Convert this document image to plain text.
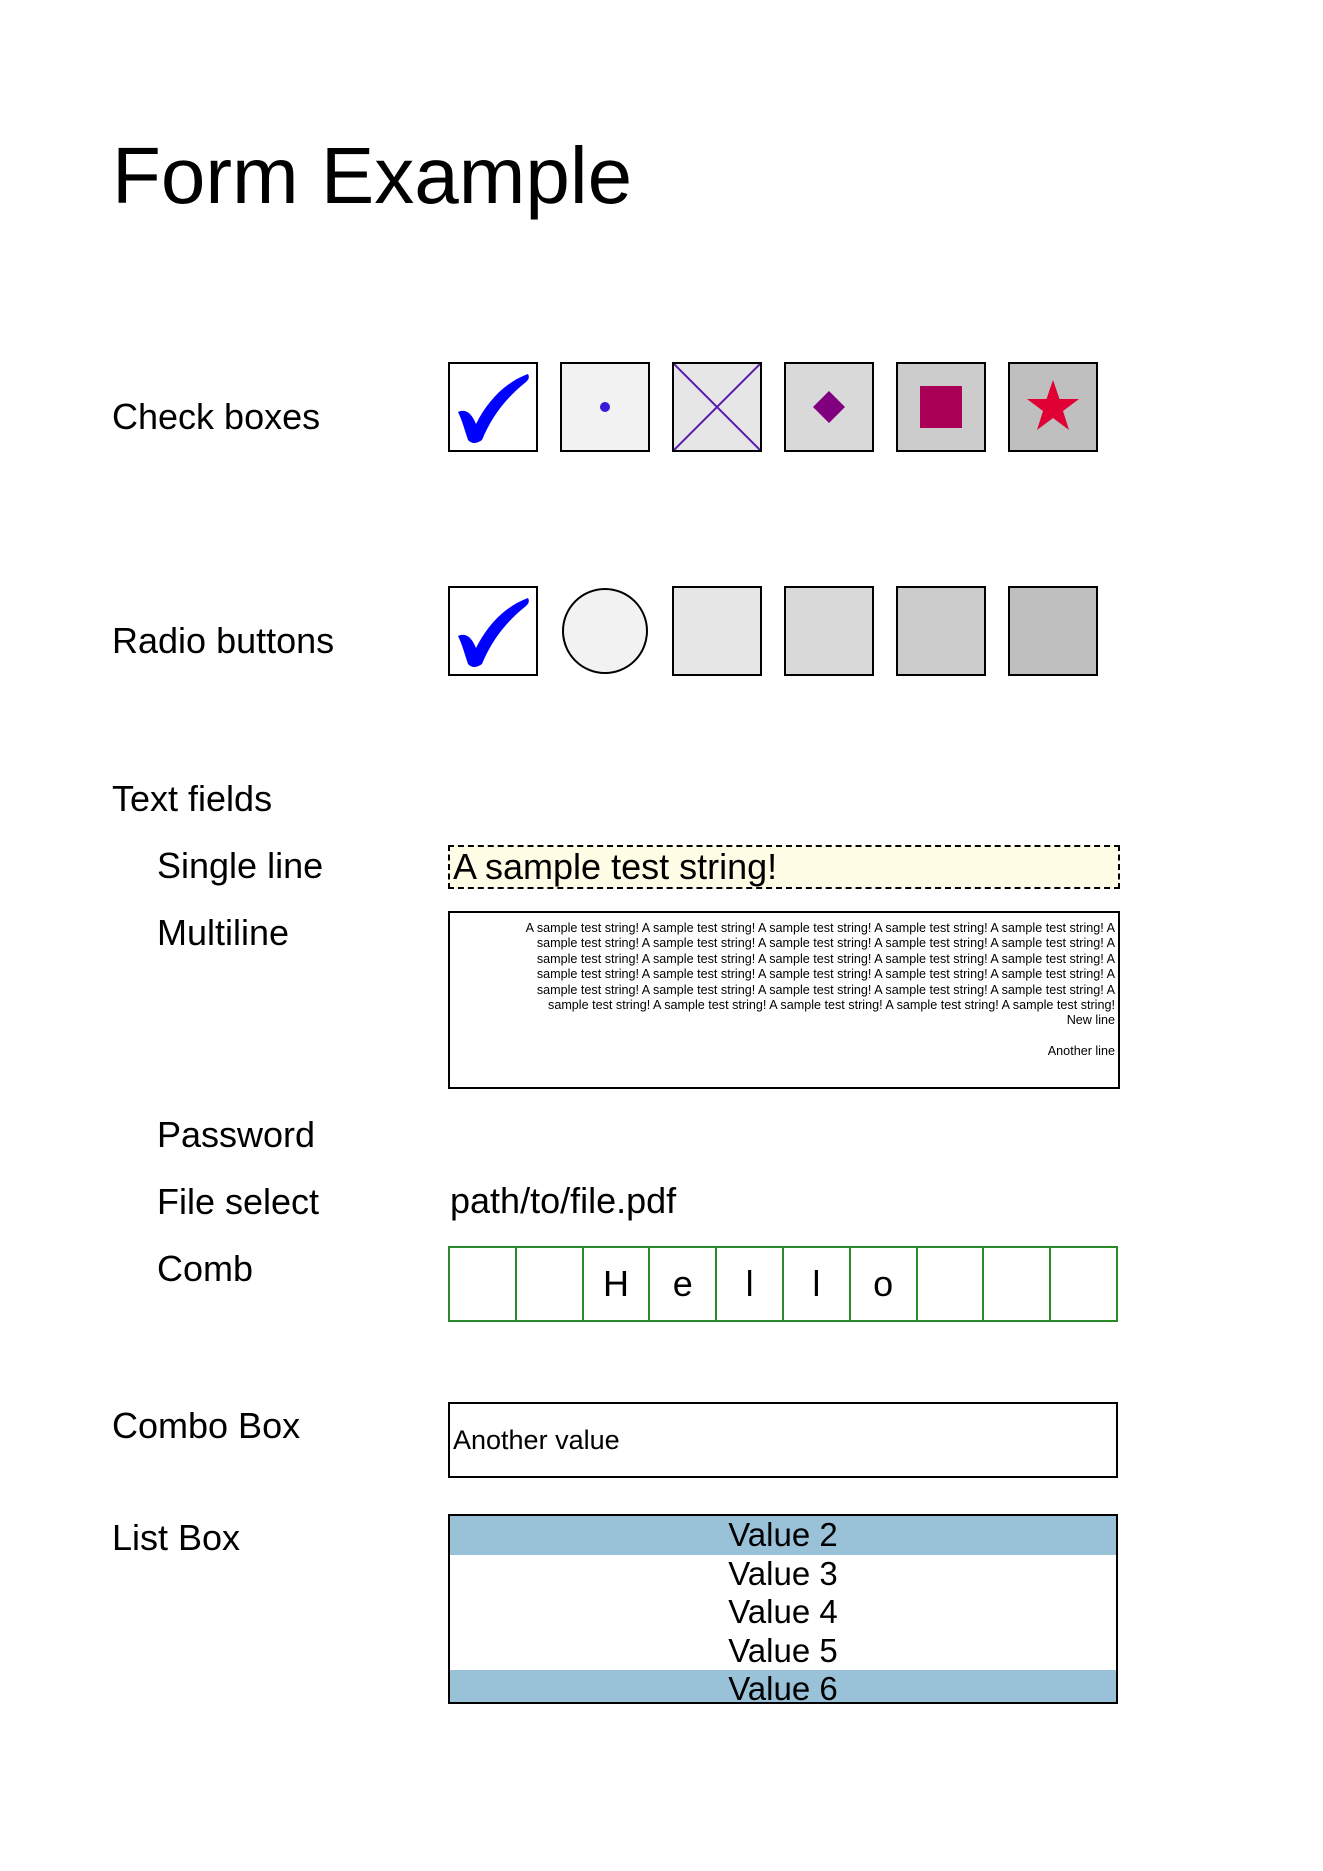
Form Example
Check boxes
Radio buttons
Text fields
Single line	A sample test string!
Multiline	A sample test string! A sample test string! A sample test string! A sample test string! A sample test string! A
sample test string! A sample test string! A sample test string! A sample test string! A sample test string! A
sample test string! A sample test string! A sample test string! A sample test string! A sample test string! A
sample test string! A sample test string! A sample test string! A sample test string! A sample test string! A
sample test string! A sample test string! A sample test string! A sample test string! A sample test string! A
sample test string! A sample test string! A sample test string! A sample test string! A sample test string!
New line

Another line
Password
File select	path/to/file.pdf
Comb	H	e	l	l	o
Combo Box	Another value
List Box	Value 2
Value 3
Value 4
Value 5
Value 6
